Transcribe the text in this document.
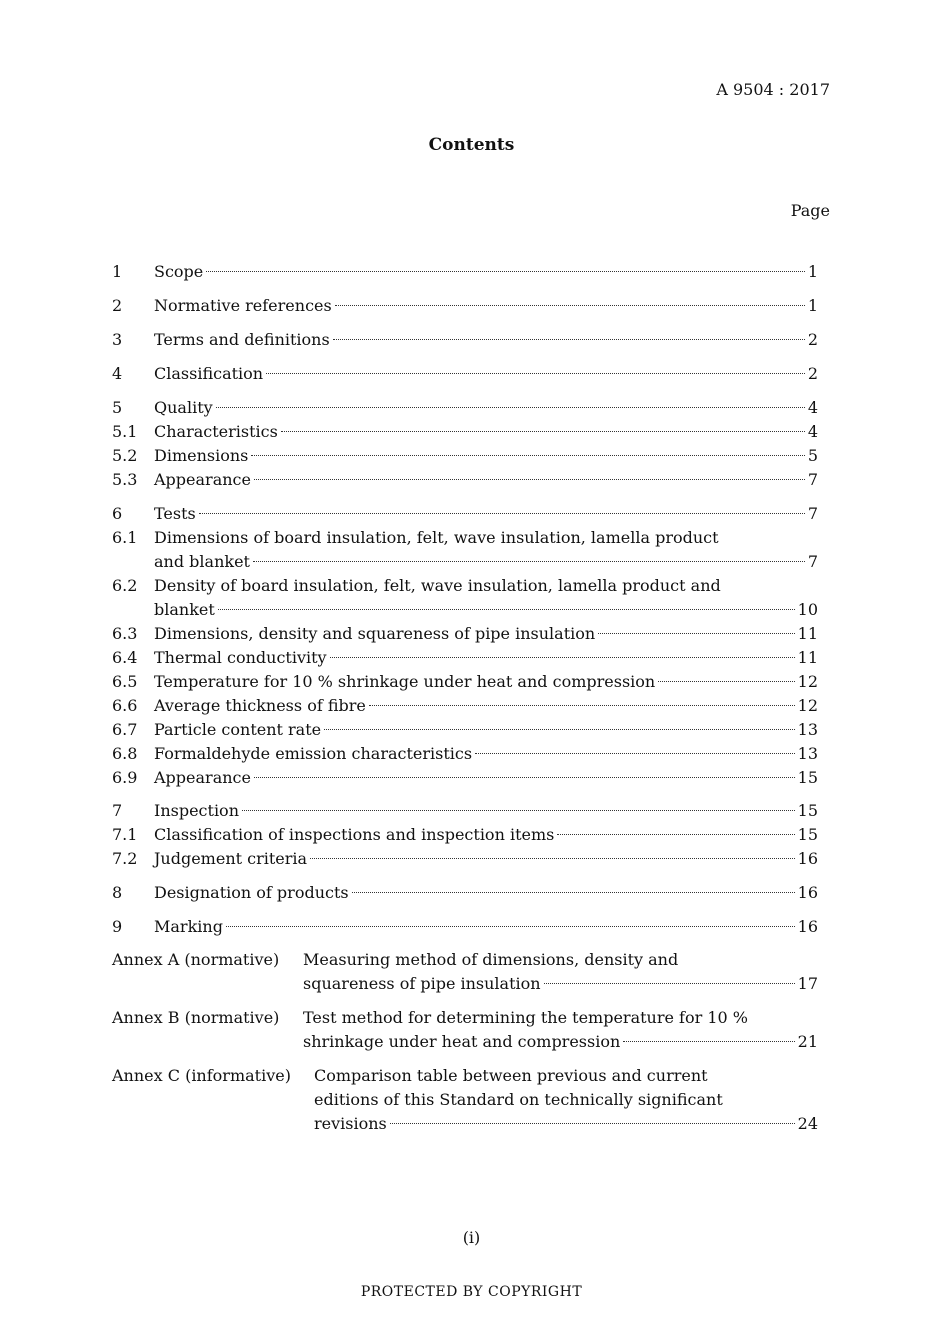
A 9504 : 2017
Contents
Page
1 Scope	1
2 Normative references	1
3 Terms and definitions	2
4 Classification	2
5 Quality	4
5.1 Characteristics	4
5.2 Dimensions	5
5.3 Appearance	7
6 Tests	7
6.1 Dimensions of board insulation, felt, wave insulation, lamella product
and blanket	7
6.2 Density of board insulation, felt, wave insulation, lamella product and
blanket	10
6.3 Dimensions, density and squareness of pipe insulation	11
6.4 Thermal conductivity	11
6.5 Temperature for 10 % shrinkage under heat and compression	12
6.6 Average thickness of fibre	12
6.7 Particle content rate	13
6.8 Formaldehyde emission characteristics	13
6.9 Appearance	15
7 Inspection	15
7.1 Classification of inspections and inspection items	15
7.2 Judgement criteria	16
8 Designation of products	16
9 Marking	16
Annex A (normative) Measuring method of dimensions, density and
squareness of pipe insulation	17
Annex B (normative) Test method for determining the temperature for 10 %
shrinkage under heat and compression	21
Annex C (informative) Comparison table between previous and current
editions of this Standard on technically significant
revisions	24
(i)
PROTECTED BY COPYRIGHT
